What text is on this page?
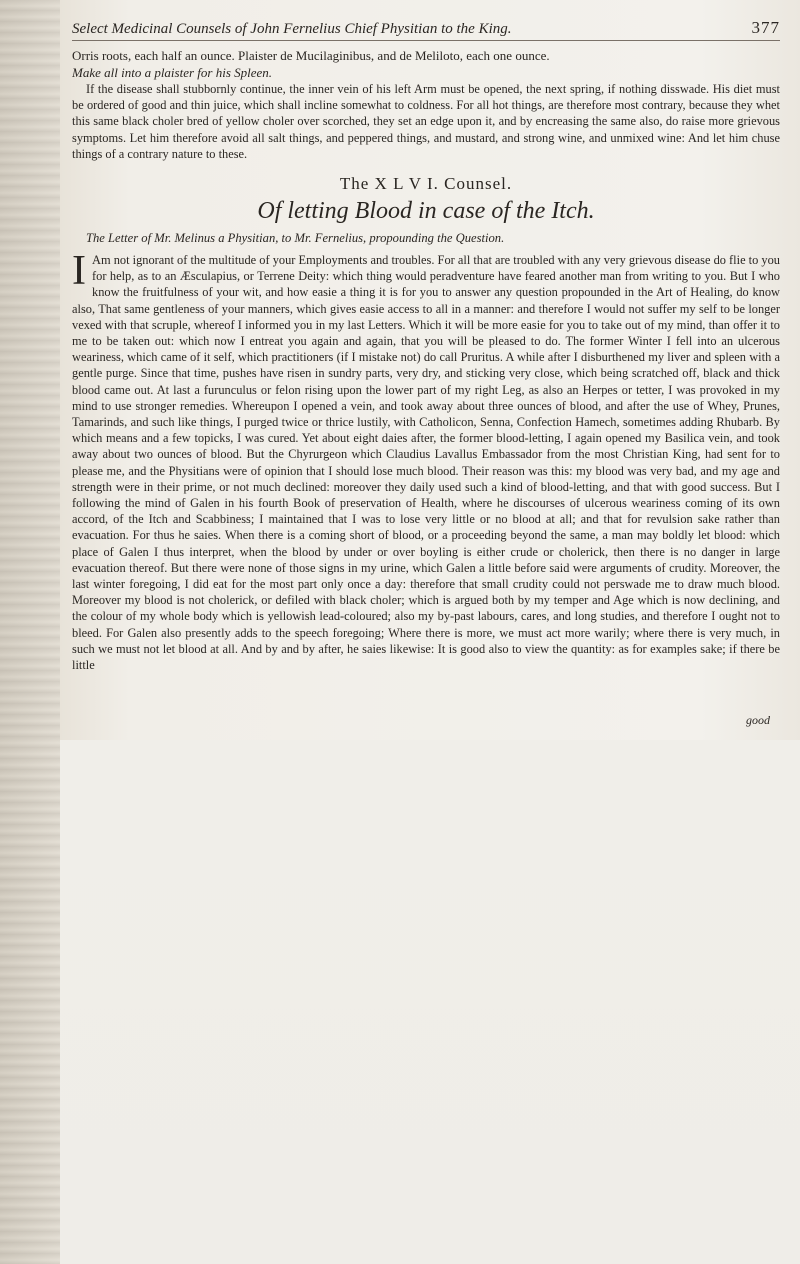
Select Medicinal Counsels of John Fernelius Chief Physitian to the King.	377

Orris roots, each half an ounce. Plaister de Mucilaginibus, and de Meliloto, each one ounce.

Make all into a plaister for his Spleen.

If the disease shall stubbornly continue, the inner vein of his left Arm must be opened, the next spring, if nothing disswade. His diet must be ordered of good and thin juice, which shall incline somewhat to coldness. For all hot things, are therefore most contrary, because they whet this same black choler bred of yellow choler over scorched, they set an edge upon it, and by encreasing the same also, do raise more grievous symptoms. Let him therefore avoid all salt things, and peppered things, and mustard, and strong wine, and unmixed wine: And let him chuse things of a contrary nature to these.

The X L V I. Counsel.
Of letting Blood in case of the Itch.

The Letter of Mr. Melinus a Physitian, to Mr. Fernelius, propounding the Question.

I Am not ignorant of the multitude of your Employments and troubles. For all that are troubled with any very grievous disease do flie to you for help, as to an Æsculapius, or Terrene Deity: which thing would peradventure have feared another man from writing to you. But I who know the fruitfulness of your wit, and how easie a thing it is for you to answer any question propounded in the Art of Healing, do know also, That same gentleness of your manners, which gives easie access to all in a manner: and therefore I would not suffer my self to be longer vexed with that scruple, whereof I informed you in my last Letters. Which it will be more easie for you to take out of my mind, than offer it to me to be taken out: which now I entreat you again and again, that you will be pleased to do. The former Winter I fell into an ulcerous weariness, which came of it self, which practitioners (if I mistake not) do call Pruritus. A while after I disburthened my liver and spleen with a gentle purge. Since that time, pushes have risen in sundry parts, very dry, and sticking very close, which being scratched off, black and thick blood came out. At last a furunculus or felon rising upon the lower part of my right Leg, as also an Herpes or tetter, I was provoked in my mind to use stronger remedies. Whereupon I opened a vein, and took away about three ounces of blood, and after the use of Whey, Prunes, Tamarinds, and such like things, I purged twice or thrice lustily, with Catholicon, Senna, Confection Hamech, sometimes adding Rhubarb. By which means and a few topicks, I was cured. Yet about eight daies after, the former blood-letting, I again opened my Basilica vein, and took away about two ounces of blood. But the Chyrurgeon which Claudius Lavallus Embassador from the most Christian King, had sent for to please me, and the Physitians were of opinion that I should lose much blood. Their reason was this: my blood was very bad, and my age and strength were in their prime, or not much declined: moreover they daily used such a kind of blood-letting, and that with good success. But I following the mind of Galen in his fourth Book of preservation of Health, where he discourses of ulcerous weariness coming of its own accord, of the Itch and Scabbiness; I maintained that I was to lose very little or no blood at all; and that for revulsion sake rather than evacuation. For thus he saies. When there is a coming short of blood, or a proceeding beyond the same, a man may boldly let blood: which place of Galen I thus interpret, when the blood by under or over boyling is either crude or cholerick, then there is no danger in large evacuation thereof. But there were none of those signs in my urine, which Galen a little before said were arguments of crudity. Moreover, the last winter foregoing, I did eat for the most part only once a day: therefore that small crudity could not perswade me to draw much blood. Moreover my blood is not cholerick, or defiled with black choler; which is argued both by my temper and Age which is now declining, and the colour of my whole body which is yellowish lead-coloured; also my by-past labours, cares, and long studies, and therefore I ought not to bleed. For Galen also presently adds to the speech foregoing; Where there is more, we must act more warily; where there is very much, in such we must not let blood at all. And by and by after, he saies likewise: It is good also to view the quantity: as for examples sake; if there be little

good
